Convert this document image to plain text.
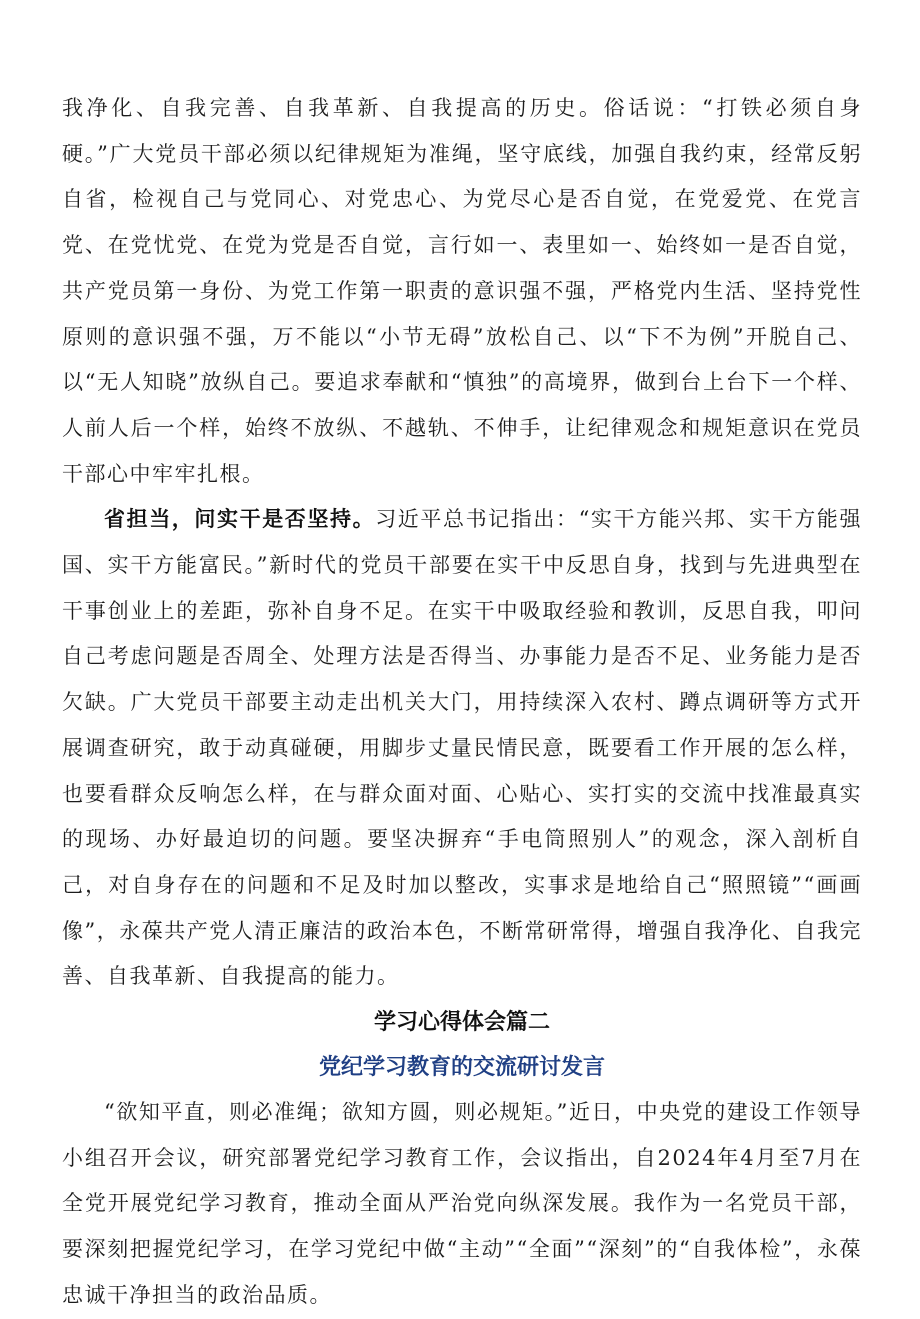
我净化、自我完善、自我革新、自我提高的历史。俗话说：“打铁必须自身硬。”广大党员干部必须以纪律规矩为准绳，坚守底线，加强自我约束，经常反躬自省，检视自己与党同心、对党忠心、为党尽心是否自觉，在党爱党、在党言党、在党忧党、在党为党是否自觉，言行如一、表里如一、始终如一是否自觉，共产党员第一身份、为党工作第一职责的意识强不强，严格党内生活、坚持党性原则的意识强不强，万不能以“小节无碍”放松自己、以“下不为例”开脱自己、以“无人知晓”放纵自己。要追求奉献和“慎独”的高境界，做到台上台下一个样、人前人后一个样，始终不放纵、不越轨、不伸手，让纪律观念和规矩意识在党员干部心中牢牢扎根。

省担当，问实干是否坚持。习近平总书记指出：“实干方能兴邦、实干方能强国、实干方能富民。”新时代的党员干部要在实干中反思自身，找到与先进典型在干事创业上的差距，弥补自身不足。在实干中吸取经验和教训，反思自我，叩问自己考虑问题是否周全、处理方法是否得当、办事能力是否不足、业务能力是否欠缺。广大党员干部要主动走出机关大门，用持续深入农村、蹲点调研等方式开展调查研究，敢于动真碰硬，用脚步丈量民情民意，既要看工作开展的怎么样，也要看群众反响怎么样，在与群众面对面、心贴心、实打实的交流中找准最真实的现场、办好最迫切的问题。要坚决摒弃“手电筒照别人”的观念，深入剖析自己，对自身存在的问题和不足及时加以整改，实事求是地给自己“照照镜”“画画像”，永葆共产党人清正廉洁的政治本色，不断常研常得，增强自我净化、自我完善、自我革新、自我提高的能力。

学习心得体会篇二
党纪学习教育的交流研讨发言

“欲知平直，则必准绳；欲知方圆，则必规矩。”近日，中央党的建设工作领导小组召开会议，研究部署党纪学习教育工作，会议指出，自2024年4月至7月在全党开展党纪学习教育，推动全面从严治党向纵深发展。我作为一名党员干部，要深刻把握党纪学习，在学习党纪中做“主动”“全面”“深刻”的“自我体检”，永葆忠诚干净担当的政治品质。
